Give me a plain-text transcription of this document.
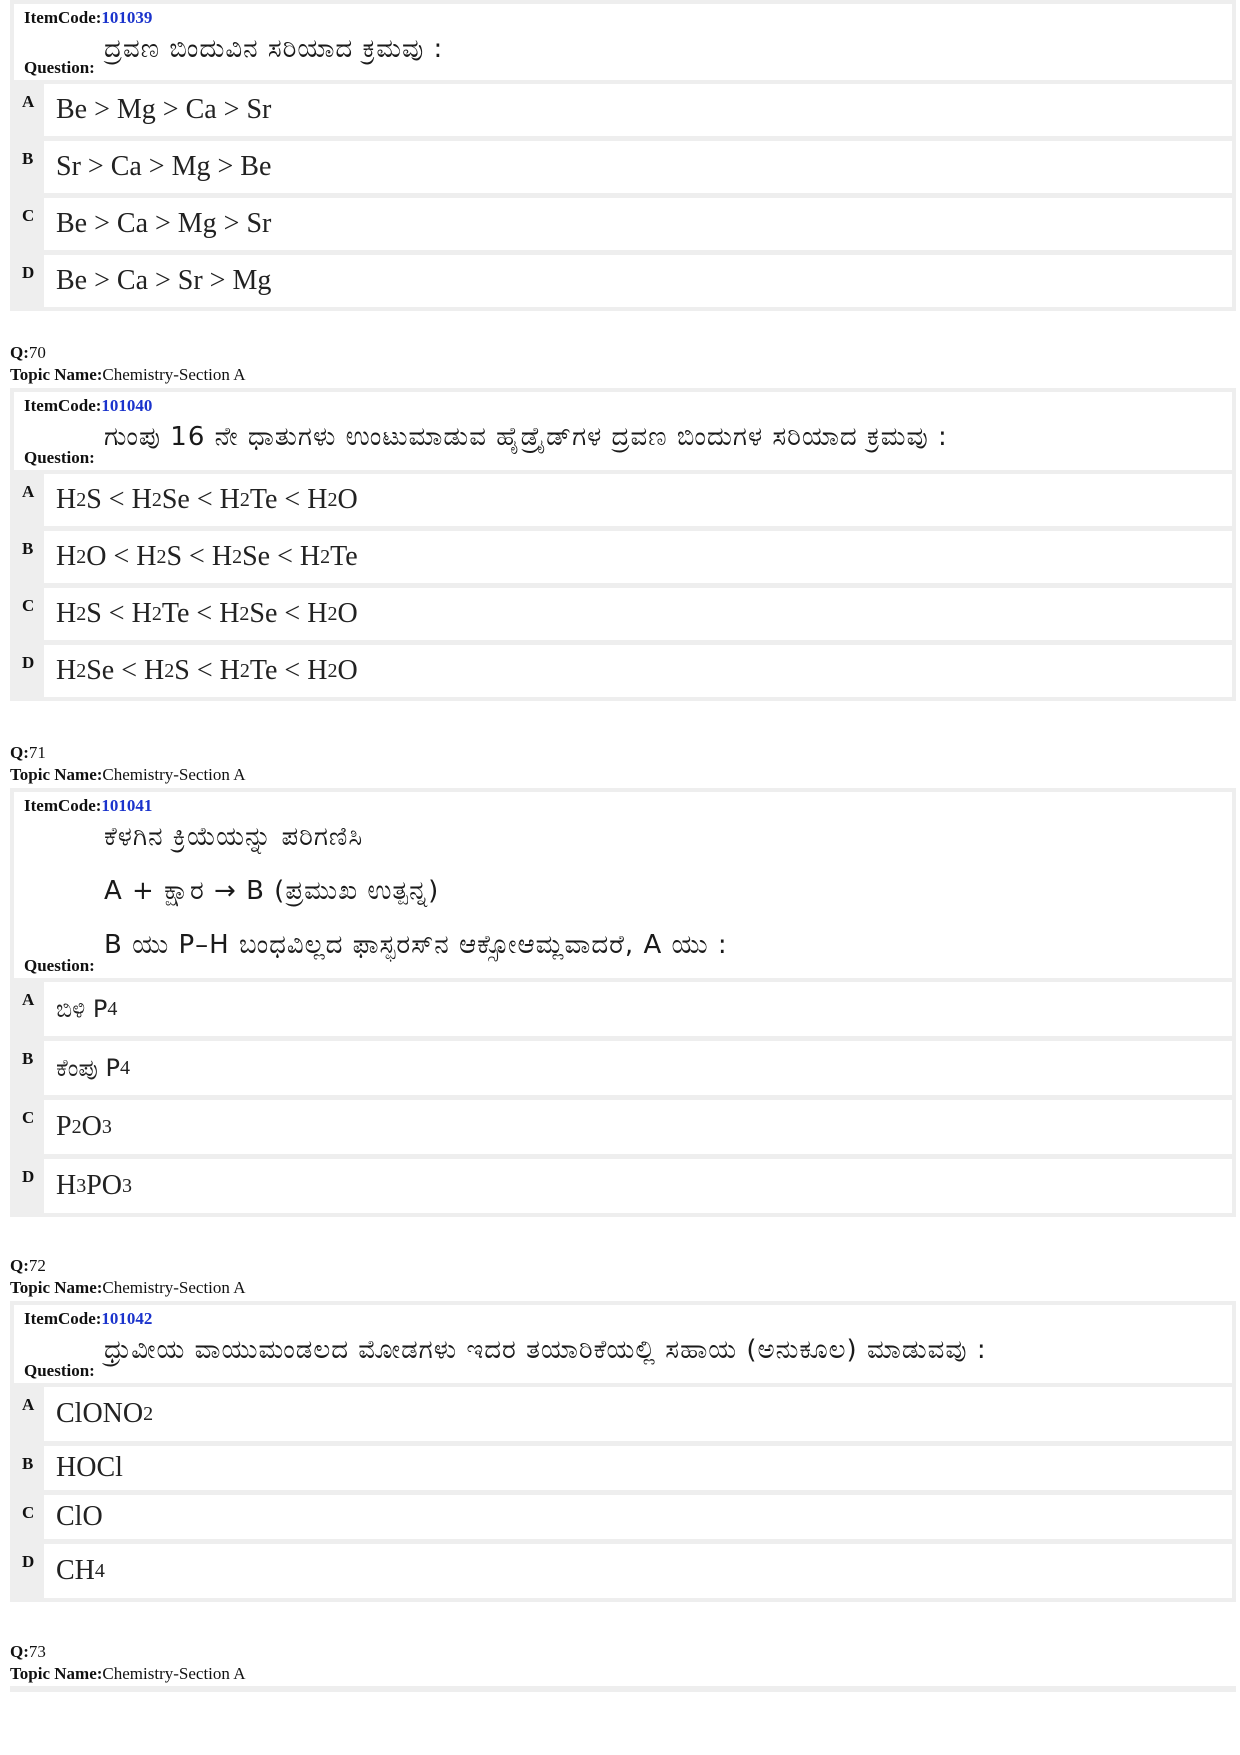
ItemCode:101039
ದ್ರವಣ ಬಿಂದುವಿನ ಸರಿಯಾದ ಕ್ರಮವು :
Question:
A Be > Mg > Ca > Sr
B Sr > Ca > Mg > Be
C Be > Ca > Mg > Sr
D Be > Ca > Sr > Mg
Q:70
Topic Name:Chemistry-Section A
ItemCode:101040
ಗುಂಪು 16 ನೇ ಧಾತುಗಳು ಉಂಟುಮಾಡುವ ಹೈಡ್ರೈಡ್‌ಗಳ ದ್ರವಣ ಬಿಂದುಗಳ ಸರಿಯಾದ ಕ್ರಮವು :
Question:
A H 2 S < H 2 Se < H 2 Te < H 2 O
B H 2 O < H 2 S < H 2 Se < H 2 Te
C H 2 S < H 2 Te < H 2 Se < H 2 O
D H 2 Se < H 2 S < H 2 Te < H 2 O
Q:71
Topic Name:Chemistry-Section A
ItemCode:101041
ಕೆಳಗಿನ ಕ್ರಿಯೆಯನ್ನು ಪರಿಗಣಿಸಿ
A + ಕ್ಷಾರ → B (ಪ್ರಮುಖ ಉತ್ಪನ್ನ)
B ಯು P–H ಬಂಧವಿಲ್ಲದ ಫಾಸ್ಫರಸ್‌ನ ಆಕ್ಸೋಆಮ್ಲವಾದರೆ, A ಯು :
Question:
A ಬಿಳಿ P 4
B ಕೆಂಪು P 4
C P 2 O 3
D H 3 PO 3
Q:72
Topic Name:Chemistry-Section A
ItemCode:101042
ಧ್ರುವೀಯ ವಾಯುಮಂಡಲದ ಮೋಡಗಳು ಇದರ ತಯಾರಿಕೆಯಲ್ಲಿ ಸಹಾಯ (ಅನುಕೂಲ) ಮಾಡುವವು :
Question:
A ClONO 2
B HOCl
C ClO
D CH 4
Q:73
Topic Name:Chemistry-Section A
